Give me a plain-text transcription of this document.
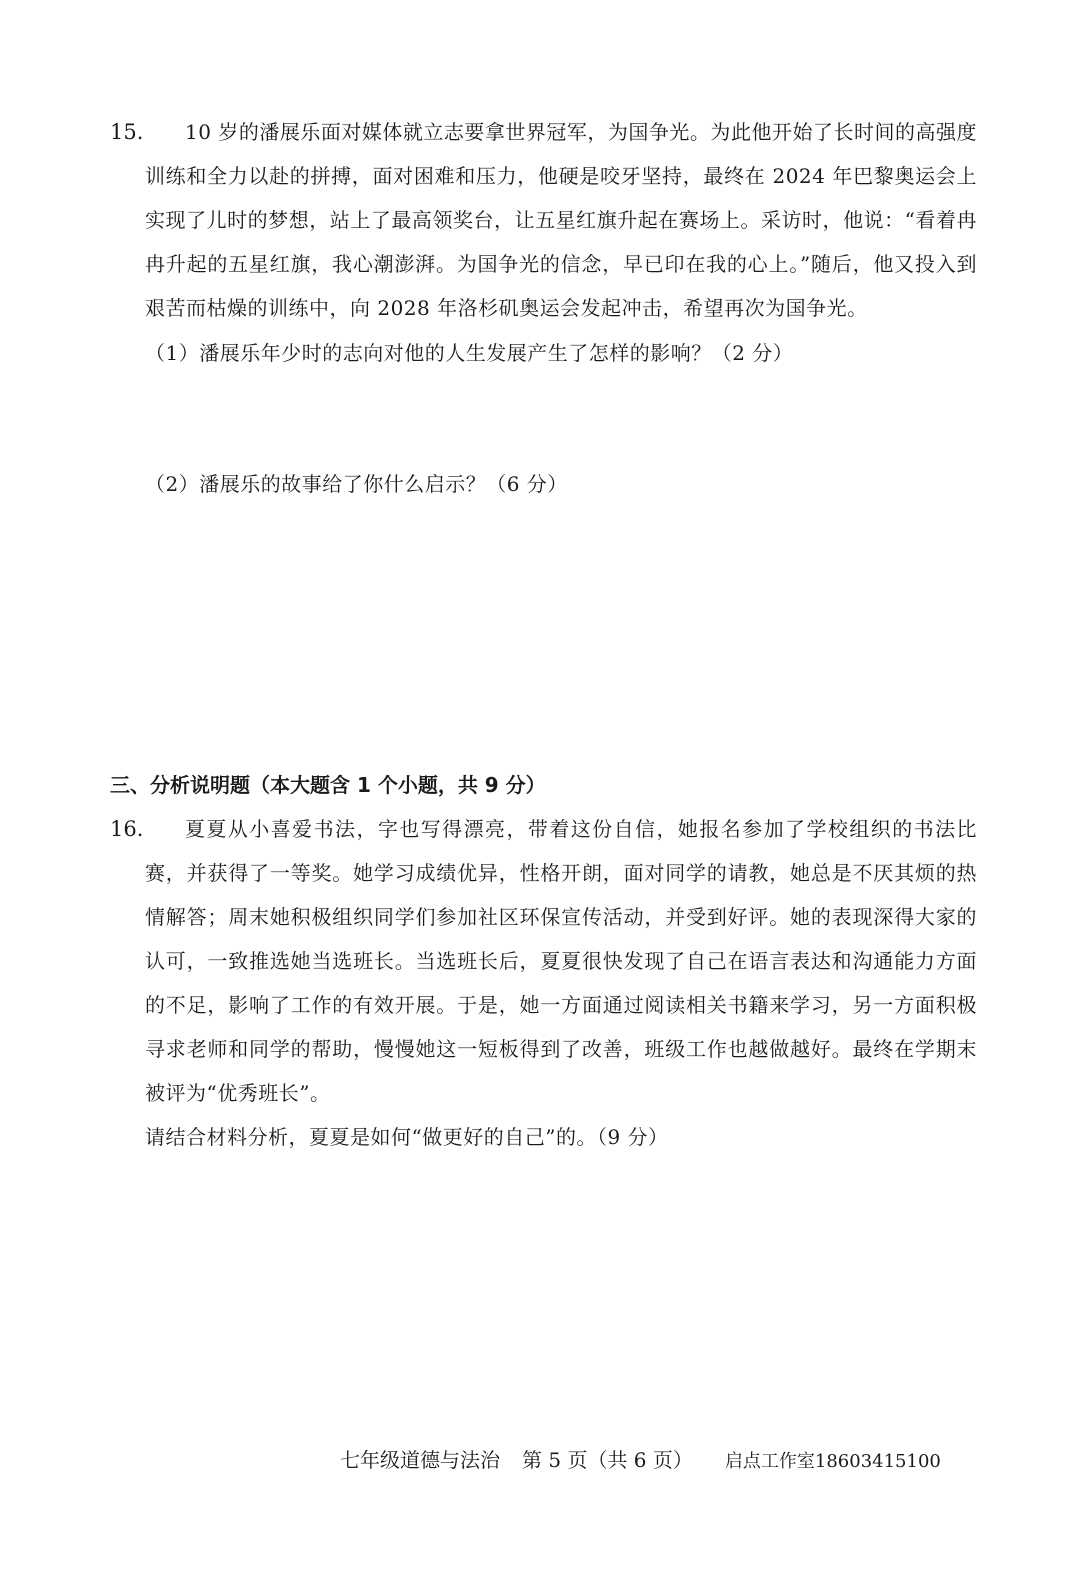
15.	10 岁的潘展乐面对媒体就立志要拿世界冠军，为国争光。为此他开始了长时间的高强度训练和全力以赴的拼搏，面对困难和压力，他硬是咬牙坚持，最终在 2024 年巴黎奥运会上实现了儿时的梦想，站上了最高领奖台，让五星红旗升起在赛场上。采访时，他说：“看着冉冉升起的五星红旗，我心潮澎湃。为国争光的信念，早已印在我的心上。”随后，他又投入到艰苦而枯燥的训练中，向 2028 年洛杉矶奥运会发起冲击，希望再次为国争光。
（1）潘展乐年少时的志向对他的人生发展产生了怎样的影响？（2 分）
（2）潘展乐的故事给了你什么启示？（6 分）
三、分析说明题（本大题含 1 个小题，共 9 分）
16.	夏夏从小喜爱书法，字也写得漂亮，带着这份自信，她报名参加了学校组织的书法比赛，并获得了一等奖。她学习成绩优异，性格开朗，面对同学的请教，她总是不厌其烦的热情解答；周末她积极组织同学们参加社区环保宣传活动，并受到好评。她的表现深得大家的认可，一致推选她当选班长。当选班长后，夏夏很快发现了自己在语言表达和沟通能力方面的不足，影响了工作的有效开展。于是，她一方面通过阅读相关书籍来学习，另一方面积极寻求老师和同学的帮助，慢慢她这一短板得到了改善，班级工作也越做越好。最终在学期末被评为“优秀班长”。
请结合材料分析，夏夏是如何“做更好的自己”的。（9 分）
七年级道德与法治 第 5 页（共 6 页） 启点工作室18603415100
